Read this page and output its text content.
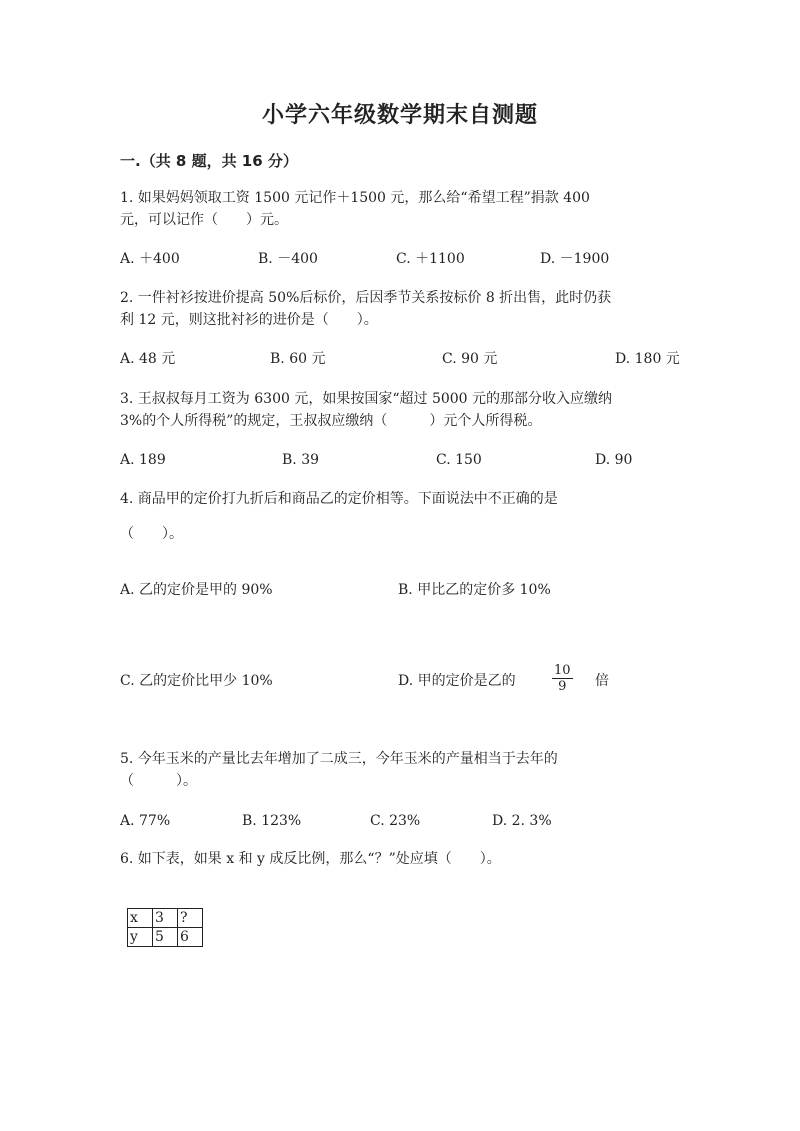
小学六年级数学期末自测题
一.（共 8 题，共 16 分）
1. 如果妈妈领取工资 1500 元记作＋1500 元，那么给“希望工程”捐款 400
元，可以记作（　　）元。
A. ＋400	B. －400	C. ＋1100	D. －1900
2. 一件衬衫按进价提高 50%后标价，后因季节关系按标价 8 折出售，此时仍获
利 12 元，则这批衬衫的进价是（　　）。
A. 48 元	B. 60 元	C. 90 元	D. 180 元
3. 王叔叔每月工资为 6300 元，如果按国家“超过 5000 元的那部分收入应缴纳
3%的个人所得税”的规定，王叔叔应缴纳（　　　）元个人所得税。
A. 189	B. 39	C. 150	D. 90
4. 商品甲的定价打九折后和商品乙的定价相等。下面说法中不正确的是
（　　）。
A. 乙的定价是甲的 90%	B. 甲比乙的定价多 10%
C. 乙的定价比甲少 10%	D. 甲的定价是乙的	$\frac{10}{9}$ 倍
5. 今年玉米的产量比去年增加了二成三，今年玉米的产量相当于去年的
（　　　）。
A. 77%	B. 123%	C. 23%	D. 2. 3%
6. 如下表，如果 x 和 y 成反比例，那么“？”处应填（　　）。
x	3	?
y	5	6
